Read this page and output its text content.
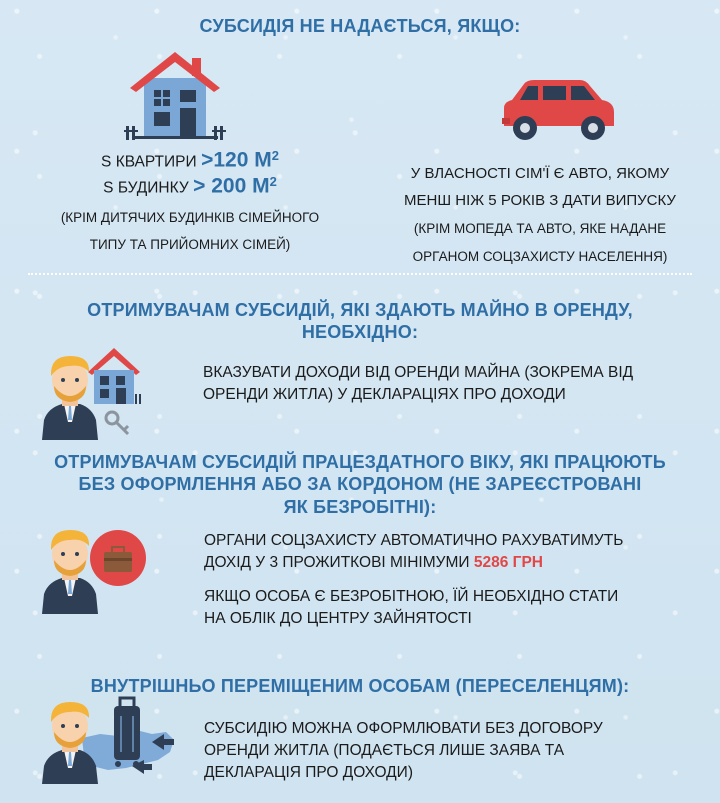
СУБСИДІЯ НЕ НАДАЄТЬСЯ, ЯКЩО:
S КВАРТИРИ >120 $М^2$
S БУДИНКУ > 200 $М^2$
(КРІМ ДИТЯЧИХ БУДИНКІВ СІМЕЙНОГО
ТИПУ ТА ПРИЙОМНИХ СІМЕЙ)
У ВЛАСНОСТІ СІМ'Ї Є АВТО, ЯКОМУ
МЕНШ НІЖ 5 РОКІВ З ДАТИ ВИПУСКУ
(КРІМ МОПЕДА ТА АВТО, ЯКЕ НАДАНЕ
ОРГАНОМ СОЦЗАХИСТУ НАСЕЛЕННЯ)
ОТРИМУВАЧАМ СУБСИДІЙ, ЯКІ ЗДАЮТЬ МАЙНО В ОРЕНДУ,
НЕОБХІДНО:
ВКАЗУВАТИ ДОХОДИ ВІД ОРЕНДИ МАЙНА (ЗОКРЕМА ВІД
ОРЕНДИ ЖИТЛА) У ДЕКЛАРАЦІЯХ ПРО ДОХОДИ
ОТРИМУВАЧАМ СУБСИДІЙ ПРАЦЕЗДАТНОГО ВІКУ, ЯКІ ПРАЦЮЮТЬ
БЕЗ ОФОРМЛЕННЯ АБО ЗА КОРДОНОМ (НЕ ЗАРЕЄСТРОВАНІ
ЯК БЕЗРОБІТНІ):
ОРГАНИ СОЦЗАХИСТУ АВТОМАТИЧНО РАХУВАТИМУТЬ
ДОХІД У 3 ПРОЖИТКОВІ МІНІМУМИ 5286 ГРН
ЯКЩО ОСОБА Є БЕЗРОБІТНОЮ, ЇЙ НЕОБХІДНО СТАТИ
НА ОБЛІК ДО ЦЕНТРУ ЗАЙНЯТОСТІ
ВНУТРІШНЬО ПЕРЕМІЩЕНИМ ОСОБАМ (ПЕРЕСЕЛЕНЦЯМ):
СУБСИДІЮ МОЖНА ОФОРМЛЮВАТИ БЕЗ ДОГОВОРУ
ОРЕНДИ ЖИТЛА (ПОДАЄТЬСЯ ЛИШЕ ЗАЯВА ТА
ДЕКЛАРАЦІЯ ПРО ДОХОДИ)
